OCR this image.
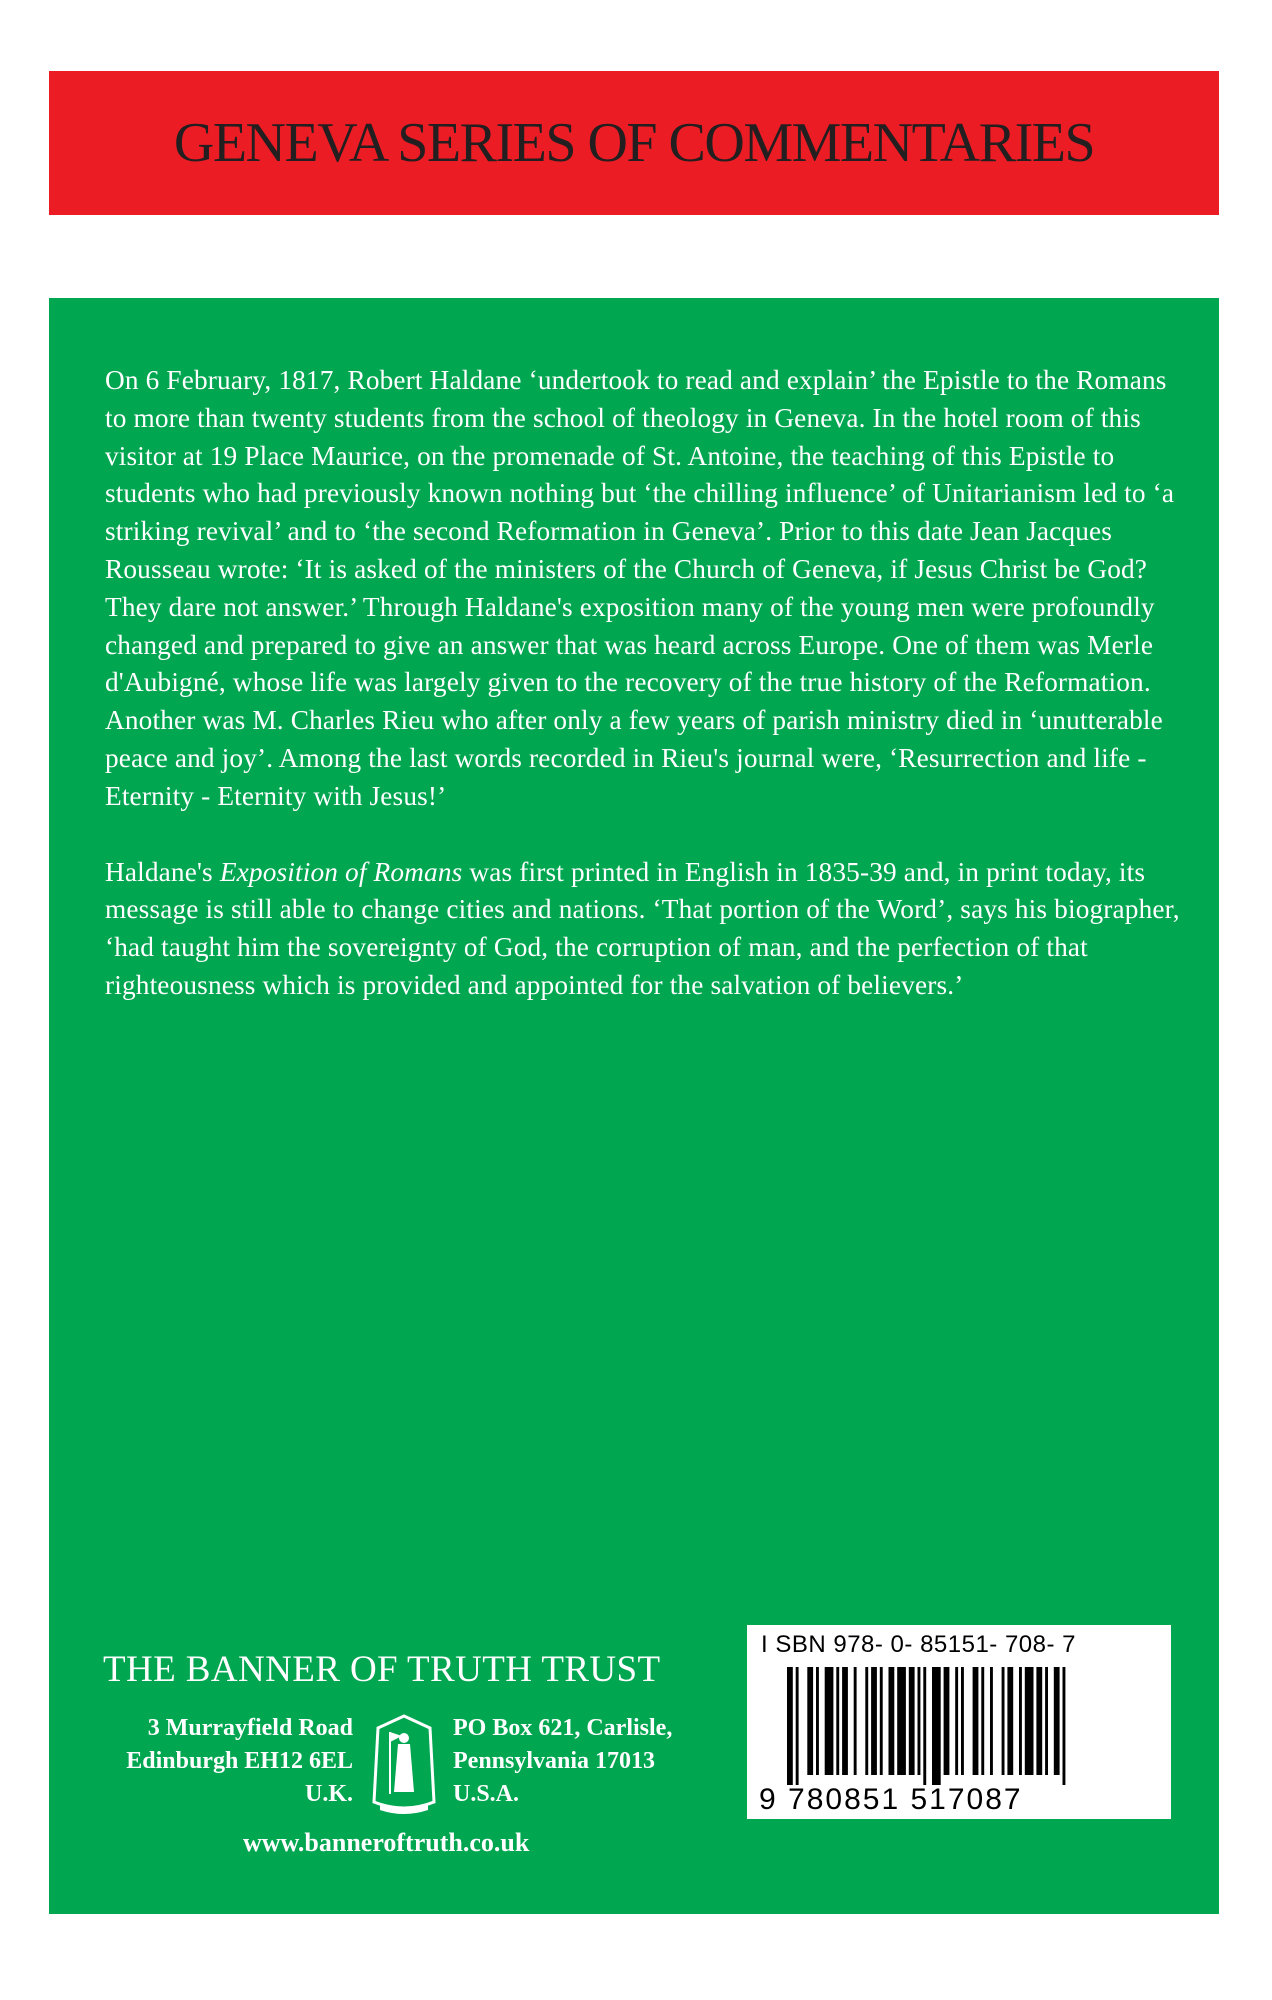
GENEVA SERIES OF COMMENTARIES

On 6 February, 1817, Robert Haldane ‘undertook to read and explain’ the Epistle to the Romans to more than twenty students from the school of theology in Geneva. In the hotel room of this visitor at 19 Place Maurice, on the promenade of St. Antoine, the teaching of this Epistle to students who had previously known nothing but ‘the chilling influence’ of Unitarianism led to ‘a striking revival’ and to ‘the second Reformation in Geneva’. Prior to this date Jean Jacques Rousseau wrote: ‘It is asked of the ministers of the Church of Geneva, if Jesus Christ be God? They dare not answer.’ Through Haldane's exposition many of the young men were profoundly changed and prepared to give an answer that was heard across Europe. One of them was Merle d'Aubigné, whose life was largely given to the recovery of the true history of the Reformation. Another was M. Charles Rieu who after only a few years of parish ministry died in ‘unutterable peace and joy’. Among the last words recorded in Rieu's journal were, ‘Resurrection and life - Eternity - Eternity with Jesus!’

Haldane's Exposition of Romans was first printed in English in 1835-39 and, in print today, its message is still able to change cities and nations. ‘That portion of the Word’, says his biographer, ‘had taught him the sovereignty of God, the corruption of man, and the perfection of that righteousness which is provided and appointed for the salvation of believers.’

THE BANNER OF TRUTH TRUST
3 Murrayfield Road
Edinburgh EH12 6EL
U.K.
PO Box 621, Carlisle,
Pennsylvania 17013
U.S.A.
www.banneroftruth.co.uk
I SBN 978- 0- 85151- 708- 7
9 780851 517087
